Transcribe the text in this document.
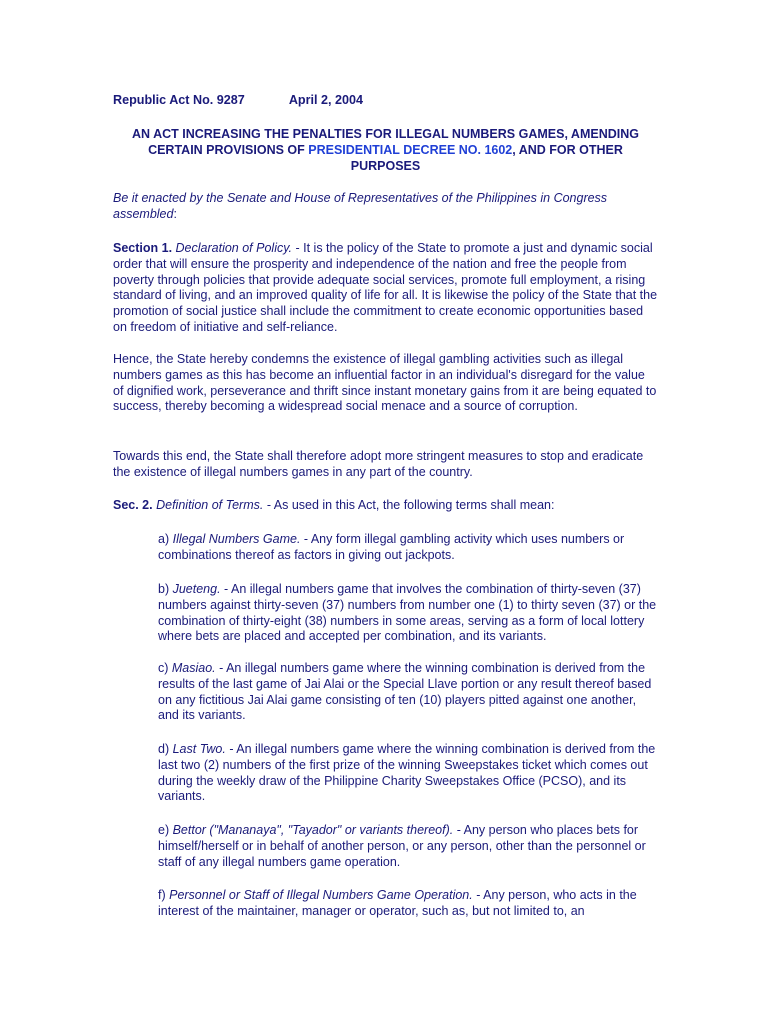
Republic Act No. 9287	April 2, 2004
AN ACT INCREASING THE PENALTIES FOR ILLEGAL NUMBERS GAMES, AMENDING CERTAIN PROVISIONS OF PRESIDENTIAL DECREE NO. 1602, AND FOR OTHER PURPOSES
Be it enacted by the Senate and House of Representatives of the Philippines in Congress assembled:
Section 1. Declaration of Policy. - It is the policy of the State to promote a just and dynamic social order that will ensure the prosperity and independence of the nation and free the people from poverty through policies that provide adequate social services, promote full employment, a rising standard of living, and an improved quality of life for all. It is likewise the policy of the State that the promotion of social justice shall include the commitment to create economic opportunities based on freedom of initiative and self-reliance.
Hence, the State hereby condemns the existence of illegal gambling activities such as illegal numbers games as this has become an influential factor in an individual's disregard for the value of dignified work, perseverance and thrift since instant monetary gains from it are being equated to success, thereby becoming a widespread social menace and a source of corruption.
Towards this end, the State shall therefore adopt more stringent measures to stop and eradicate the existence of illegal numbers games in any part of the country.
Sec. 2. Definition of Terms. - As used in this Act, the following terms shall mean:
a) Illegal Numbers Game. - Any form illegal gambling activity which uses numbers or combinations thereof as factors in giving out jackpots.
b) Jueteng. - An illegal numbers game that involves the combination of thirty-seven (37) numbers against thirty-seven (37) numbers from number one (1) to thirty seven (37) or the combination of thirty-eight (38) numbers in some areas, serving as a form of local lottery where bets are placed and accepted per combination, and its variants.
c) Masiao. - An illegal numbers game where the winning combination is derived from the results of the last game of Jai Alai or the Special Llave portion or any result thereof based on any fictitious Jai Alai game consisting of ten (10) players pitted against one another, and its variants.
d) Last Two. - An illegal numbers game where the winning combination is derived from the last two (2) numbers of the first prize of the winning Sweepstakes ticket which comes out during the weekly draw of the Philippine Charity Sweepstakes Office (PCSO), and its variants.
e) Bettor ("Mananaya", "Tayador" or variants thereof). - Any person who places bets for himself/herself or in behalf of another person, or any person, other than the personnel or staff of any illegal numbers game operation.
f) Personnel or Staff of Illegal Numbers Game Operation. - Any person, who acts in the interest of the maintainer, manager or operator, such as, but not limited to, an
